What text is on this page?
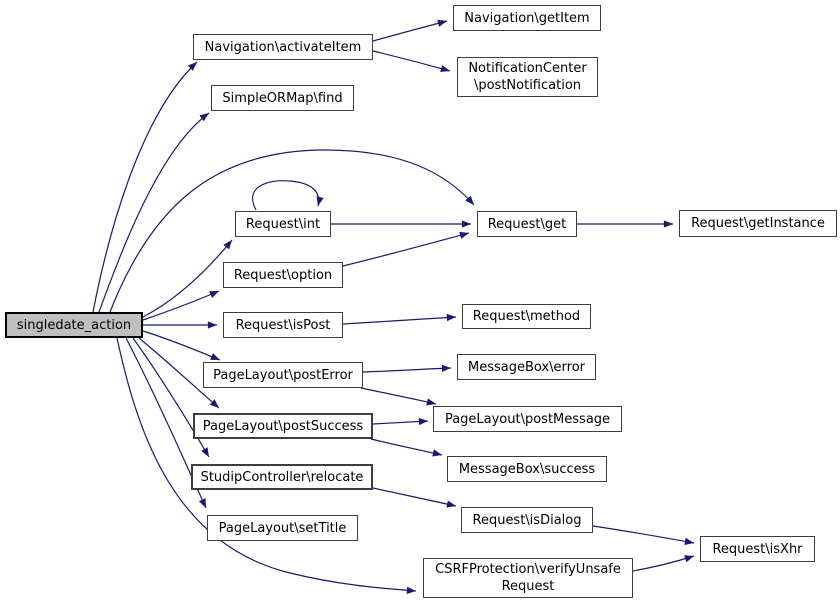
singledate_action
Navigation\activateItem
SimpleORMap\find
Navigation\getItem
NotificationCenter
\postNotification
Request\int	Request\get	Request\getInstance
Request\option
Request\isPost
Request\method
PageLayout\postError
MessageBox\error
PageLayout\postSuccess	PageLayout\postMessage
StudipController\relocate
MessageBox\success
PageLayout\setTitle
Request\isDialog
CSRFProtection\verifyUnsafe
Request
Request\isXhr
